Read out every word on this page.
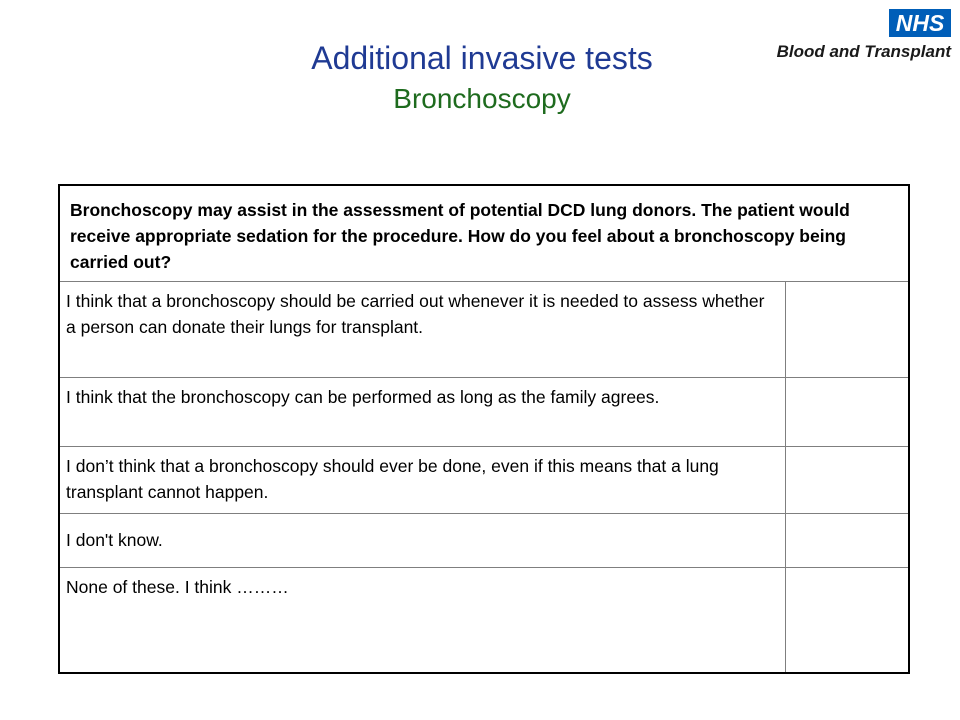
NHS
Blood and Transplant
Additional invasive tests
Bronchoscopy
Bronchoscopy may assist in the assessment of potential DCD lung donors. The patient would receive appropriate sedation for the procedure. How do you feel about a bronchoscopy being carried out?
I think that a bronchoscopy should be carried out whenever it is needed to assess whether a person can donate their lungs for transplant.
I think that the bronchoscopy can be performed as long as the family agrees.
I don’t think that a bronchoscopy should ever be done, even if this means that a lung transplant cannot happen.
I don't know.
None of these. I think ………
